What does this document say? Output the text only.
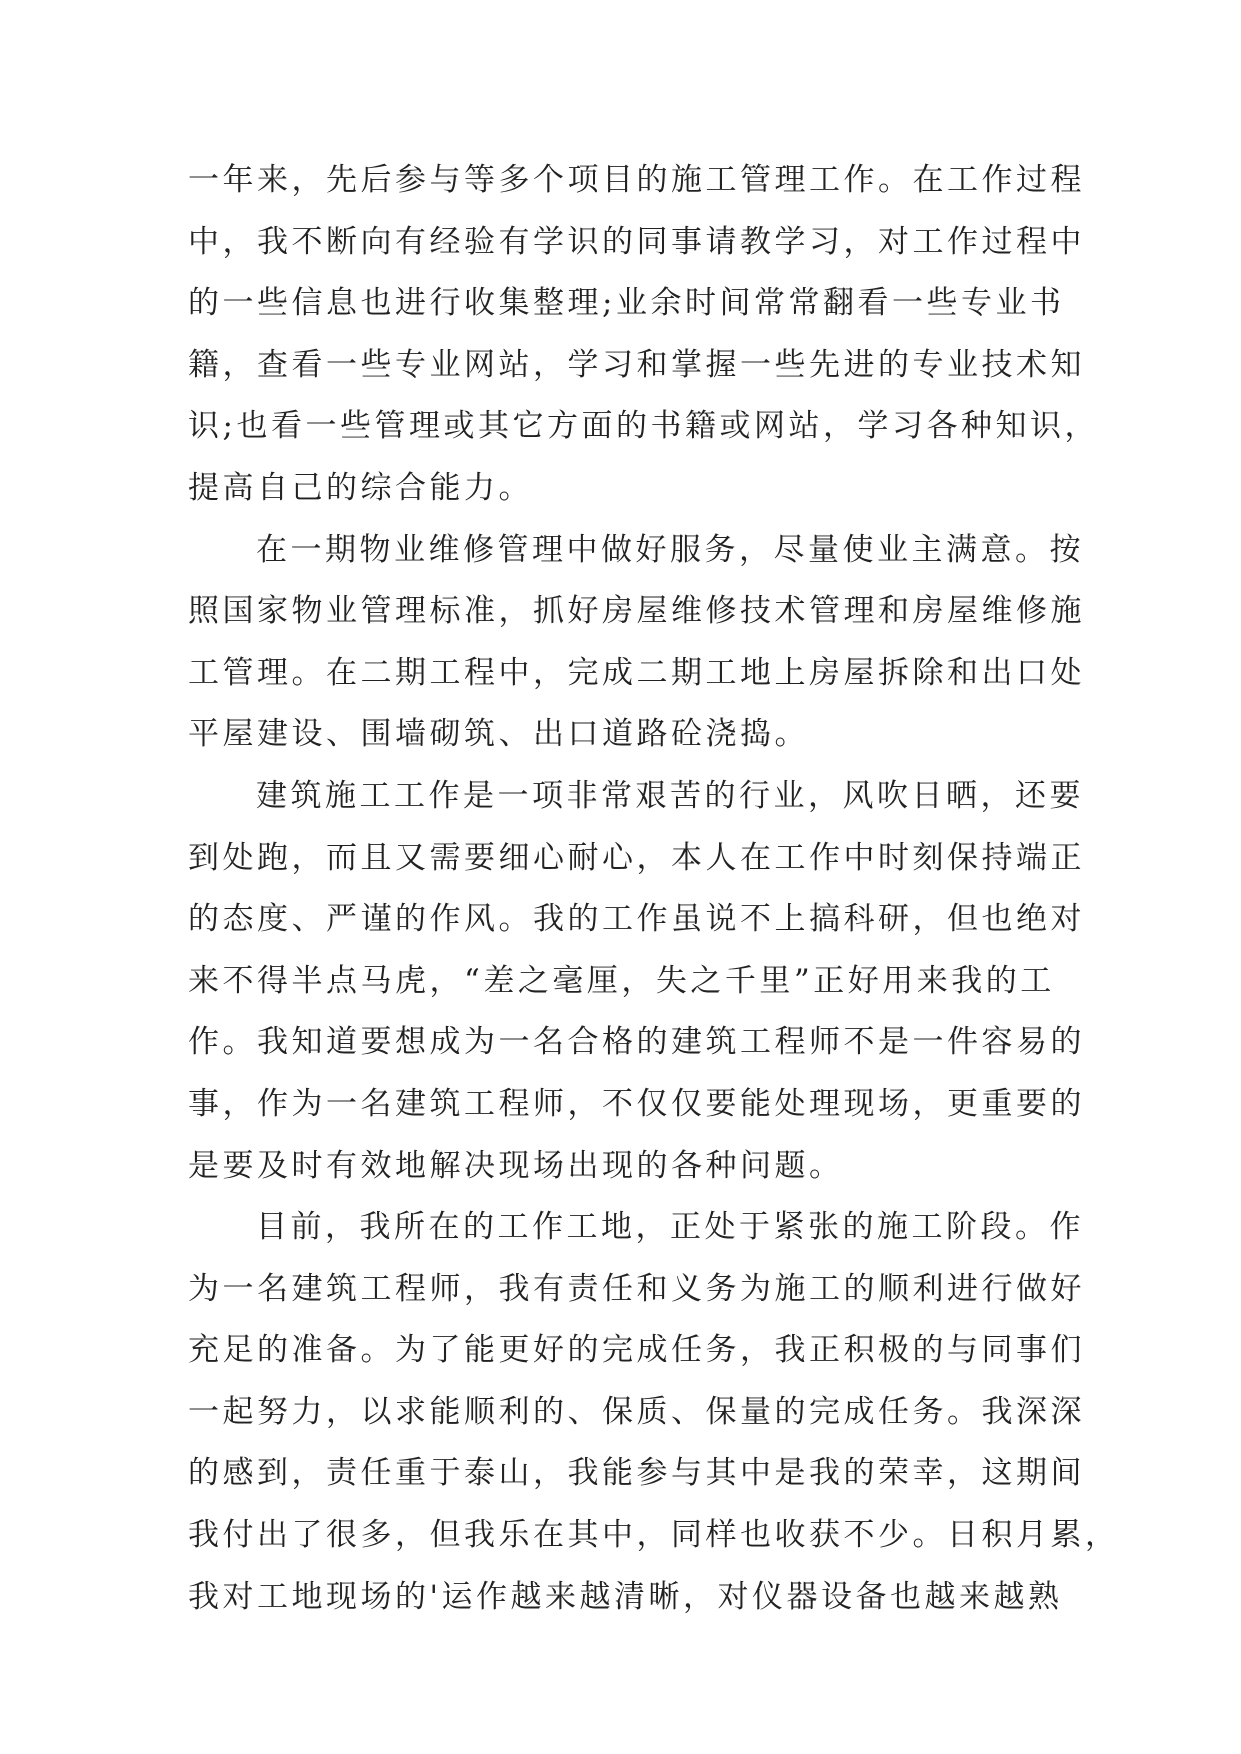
一年来，先后参与等多个项目的施工管理工作。在工作过程
中，我不断向有经验有学识的同事请教学习，对工作过程中
的一些信息也进行收集整理;业余时间常常翻看一些专业书
籍，查看一些专业网站，学习和掌握一些先进的专业技术知
识;也看一些管理或其它方面的书籍或网站，学习各种知识，
提高自己的综合能力。
在一期物业维修管理中做好服务，尽量使业主满意。按
照国家物业管理标准，抓好房屋维修技术管理和房屋维修施
工管理。在二期工程中，完成二期工地上房屋拆除和出口处
平屋建设、围墙砌筑、出口道路砼浇捣。
建筑施工工作是一项非常艰苦的行业，风吹日晒，还要
到处跑，而且又需要细心耐心，本人在工作中时刻保持端正
的态度、严谨的作风。我的工作虽说不上搞科研，但也绝对
来不得半点马虎，“差之毫厘，失之千里”正好用来我的工
作。我知道要想成为一名合格的建筑工程师不是一件容易的
事，作为一名建筑工程师，不仅仅要能处理现场，更重要的
是要及时有效地解决现场出现的各种问题。
目前，我所在的工作工地，正处于紧张的施工阶段。作
为一名建筑工程师，我有责任和义务为施工的顺利进行做好
充足的准备。为了能更好的完成任务，我正积极的与同事们
一起努力，以求能顺利的、保质、保量的完成任务。我深深
的感到，责任重于泰山，我能参与其中是我的荣幸，这期间
我付出了很多，但我乐在其中，同样也收获不少。日积月累，
我对工地现场的'运作越来越清晰，对仪器设备也越来越熟
